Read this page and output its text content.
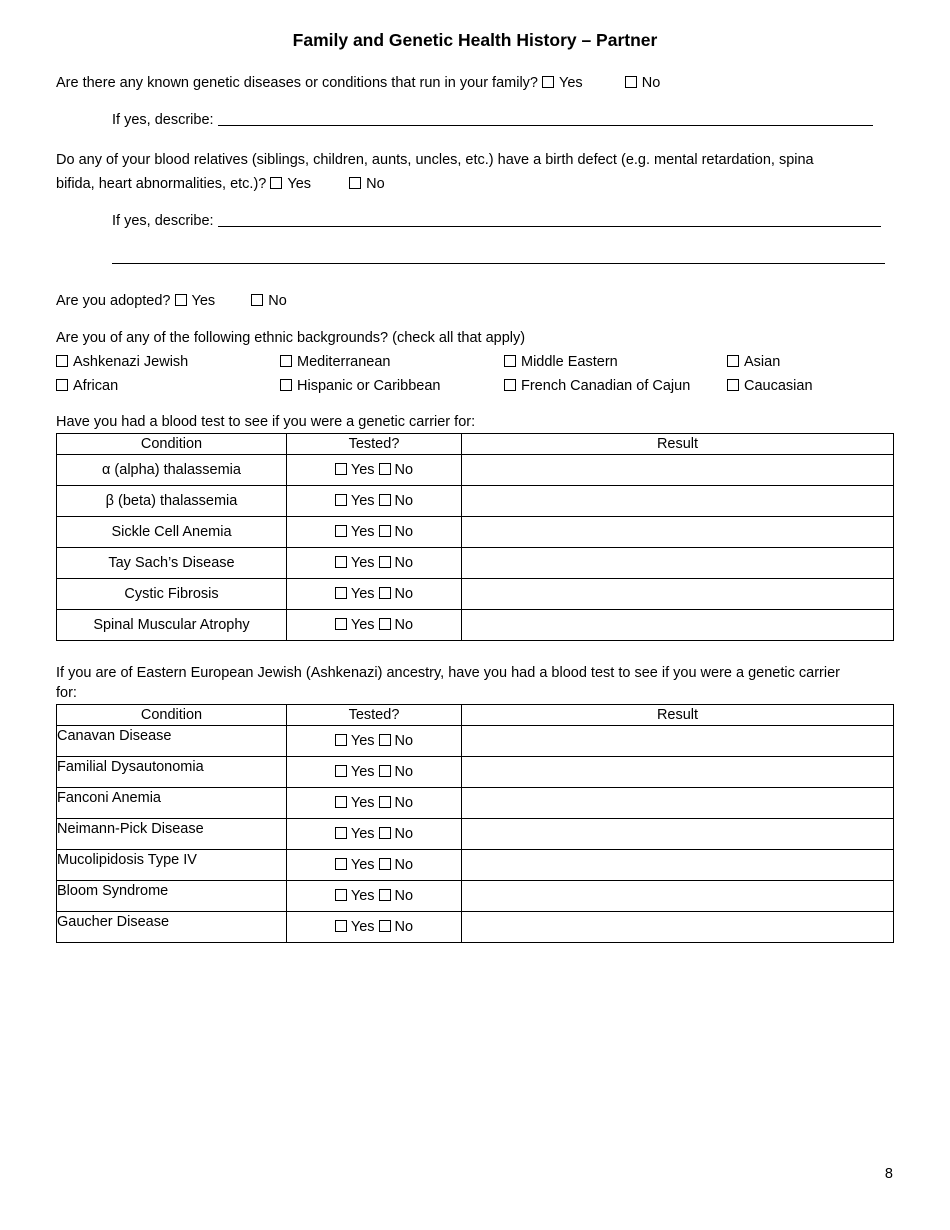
Family and Genetic Health History – Partner
Are there any known genetic diseases or conditions that run in your family? Yes	No
If yes, describe:
Do any of your blood relatives (siblings, children, aunts, uncles, etc.) have a birth defect (e.g. mental retardation, spina
bifida, heart abnormalities, etc.)? Yes	No
If yes, describe:
Are you adopted? Yes	No
Are you of any of the following ethnic backgrounds? (check all that apply)
Ashkenazi Jewish	Mediterranean	Middle Eastern	Asian
African	Hispanic or Caribbean	French Canadian of Cajun	Caucasian
Have you had a blood test to see if you were a genetic carrier for:
Condition	Tested?	Result
α (alpha) thalassemia	Yes No	
β (beta) thalassemia	Yes No	
Sickle Cell Anemia	Yes No	
Tay Sach’s Disease	Yes No	
Cystic Fibrosis	Yes No	
Spinal Muscular Atrophy	Yes No	
If you are of Eastern European Jewish (Ashkenazi) ancestry, have you had a blood test to see if you were a genetic carrier
for:
Condition	Tested?	Result
Canavan Disease	Yes No	
Familial Dysautonomia	Yes No	
Fanconi Anemia	Yes No	
Neimann-Pick Disease	Yes No	
Mucolipidosis Type IV	Yes No	
Bloom Syndrome	Yes No	
Gaucher Disease	Yes No	
8
